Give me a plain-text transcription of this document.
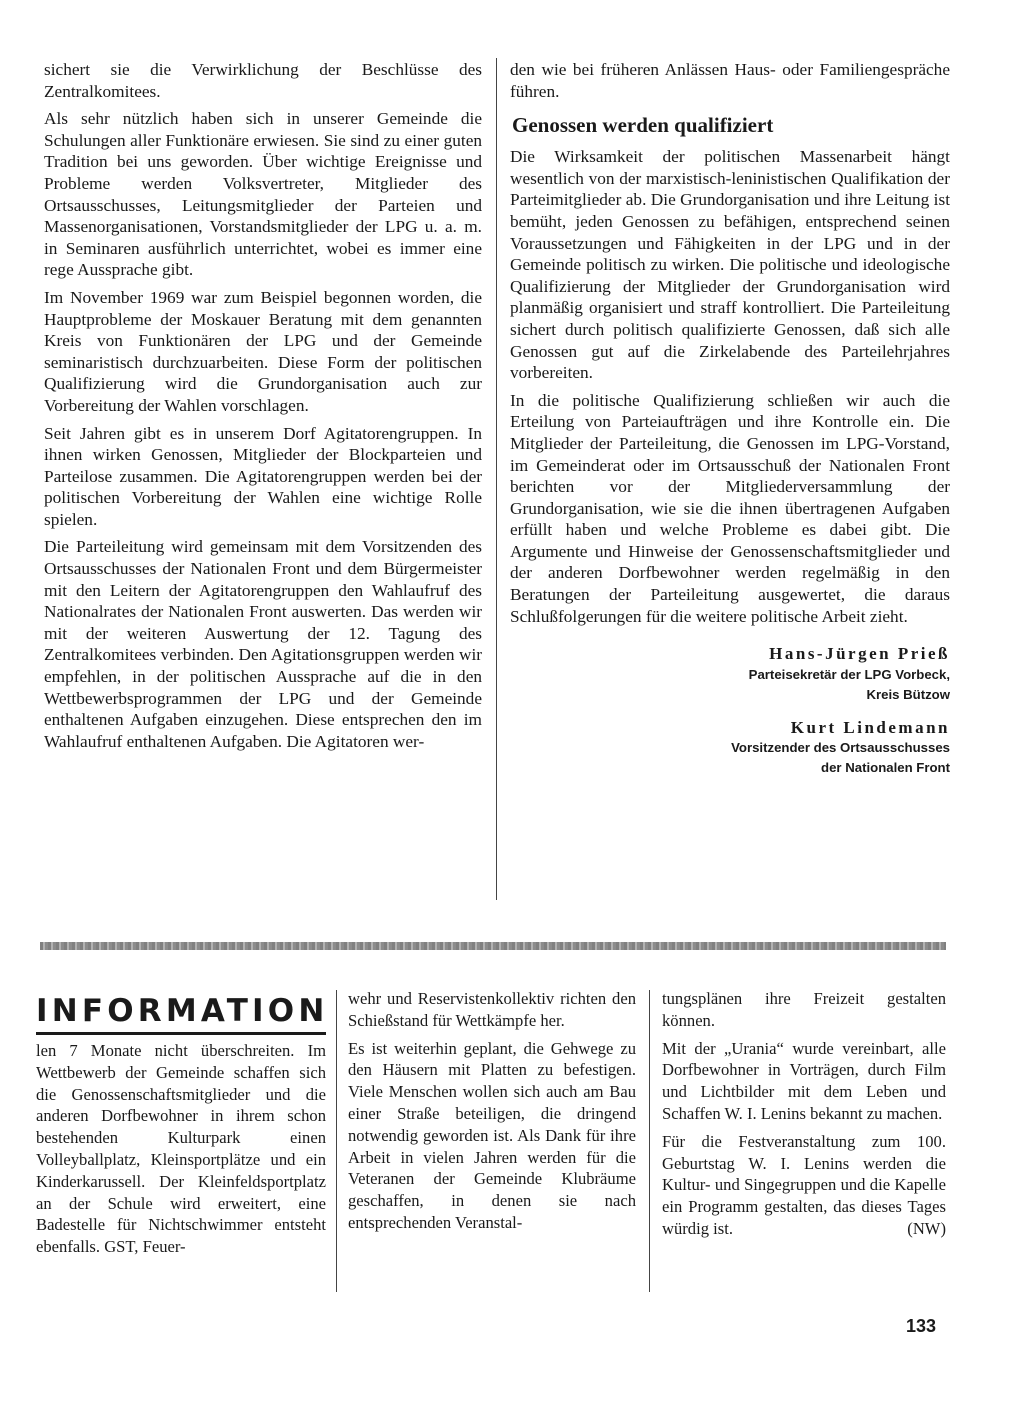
sichert sie die Verwirklichung der Beschlüsse des Zentralkomitees.

Als sehr nützlich haben sich in unserer Gemeinde die Schulungen aller Funktionäre erwiesen. Sie sind zu einer guten Tradition bei uns geworden. Über wichtige Ereignisse und Probleme werden Volksvertreter, Mitglieder des Ortsausschusses, Leitungsmitglieder der Parteien und Massenorganisationen, Vorstandsmitglieder der LPG u. a. m. in Seminaren ausführlich unterrichtet, wobei es immer eine rege Aussprache gibt.

Im November 1969 war zum Beispiel begonnen worden, die Hauptprobleme der Moskauer Beratung mit dem genannten Kreis von Funktionären der LPG und der Gemeinde seminaristisch durchzuarbeiten. Diese Form der politischen Qualifizierung wird die Grundorganisation auch zur Vorbereitung der Wahlen vorschlagen.

Seit Jahren gibt es in unserem Dorf Agitatorengruppen. In ihnen wirken Genossen, Mitglieder der Blockparteien und Parteilose zusammen. Die Agitatorengruppen werden bei der politischen Vorbereitung der Wahlen eine wichtige Rolle spielen.

Die Parteileitung wird gemeinsam mit dem Vorsitzenden des Ortsausschusses der Nationalen Front und dem Bürgermeister mit den Leitern der Agitatorengruppen den Wahlaufruf des Nationalrates der Nationalen Front auswerten. Das werden wir mit der weiteren Auswertung der 12. Tagung des Zentralkomitees verbinden. Den Agitationsgruppen werden wir empfehlen, in der politischen Aussprache auf die in den Wettbewerbsprogrammen der LPG und der Gemeinde enthaltenen Aufgaben einzugehen. Diese entsprechen den im Wahlaufruf enthaltenen Aufgaben. Die Agitatoren wer-

den wie bei früheren Anlässen Haus- oder Familiengespräche führen.

Genossen werden qualifiziert

Die Wirksamkeit der politischen Massenarbeit hängt wesentlich von der marxistisch-leninistischen Qualifikation der Parteimitglieder ab. Die Grundorganisation und ihre Leitung ist bemüht, jeden Genossen zu befähigen, entsprechend seinen Voraussetzungen und Fähigkeiten in der LPG und in der Gemeinde politisch zu wirken. Die politische und ideologische Qualifizierung der Mitglieder der Grundorganisation wird planmäßig organisiert und straff kontrolliert. Die Parteileitung sichert durch politisch qualifizierte Genossen, daß sich alle Genossen gut auf die Zirkelabende des Parteilehrjahres vorbereiten.

In die politische Qualifizierung schließen wir auch die Erteilung von Parteiaufträgen und ihre Kontrolle ein. Die Mitglieder der Parteileitung, die Genossen im LPG-Vorstand, im Gemeinderat oder im Ortsausschuß der Nationalen Front berichten vor der Mitgliederversammlung der Grundorganisation, wie sie die ihnen übertragenen Aufgaben erfüllt haben und welche Probleme es dabei gibt. Die Argumente und Hinweise der Genossenschaftsmitglieder und der anderen Dorfbewohner werden regelmäßig in den Beratungen der Parteileitung ausgewertet, die daraus Schlußfolgerungen für die weitere politische Arbeit zieht.

Hans-Jürgen Prieß
Parteisekretär der LPG Vorbeck,
Kreis Bützow
Kurt Lindemann
Vorsitzender des Ortsausschusses
der Nationalen Front
INFORMATION

len 7 Monate nicht überschreiten. Im Wettbewerb der Gemeinde schaffen sich die Genossenschaftsmitglieder und die anderen Dorfbewohner in ihrem schon bestehenden Kulturpark einen Volleyballplatz, Kleinsportplätze und ein Kinderkarussell. Der Kleinfeldsportplatz an der Schule wird erweitert, eine Badestelle für Nichtschwimmer entsteht ebenfalls. GST, Feuer-

wehr und Reservistenkollektiv richten den Schießstand für Wettkämpfe her.

Es ist weiterhin geplant, die Gehwege zu den Häusern mit Platten zu befestigen. Viele Menschen wollen sich auch am Bau einer Straße beteiligen, die dringend notwendig geworden ist. Als Dank für ihre Arbeit in vielen Jahren werden für die Veteranen der Gemeinde Klubräume geschaffen, in denen sie nach entsprechenden Veranstal-

tungsplänen ihre Freizeit gestalten können.

Mit der „Urania“ wurde vereinbart, alle Dorfbewohner in Vorträgen, durch Film und Lichtbilder mit dem Leben und Schaffen W. I. Lenins bekannt zu machen.

Für die Festveranstaltung zum 100. Geburtstag W. I. Lenins werden die Kultur- und Singegruppen und die Kapelle ein Programm gestalten, das dieses Tages würdig ist.	(NW)

133
